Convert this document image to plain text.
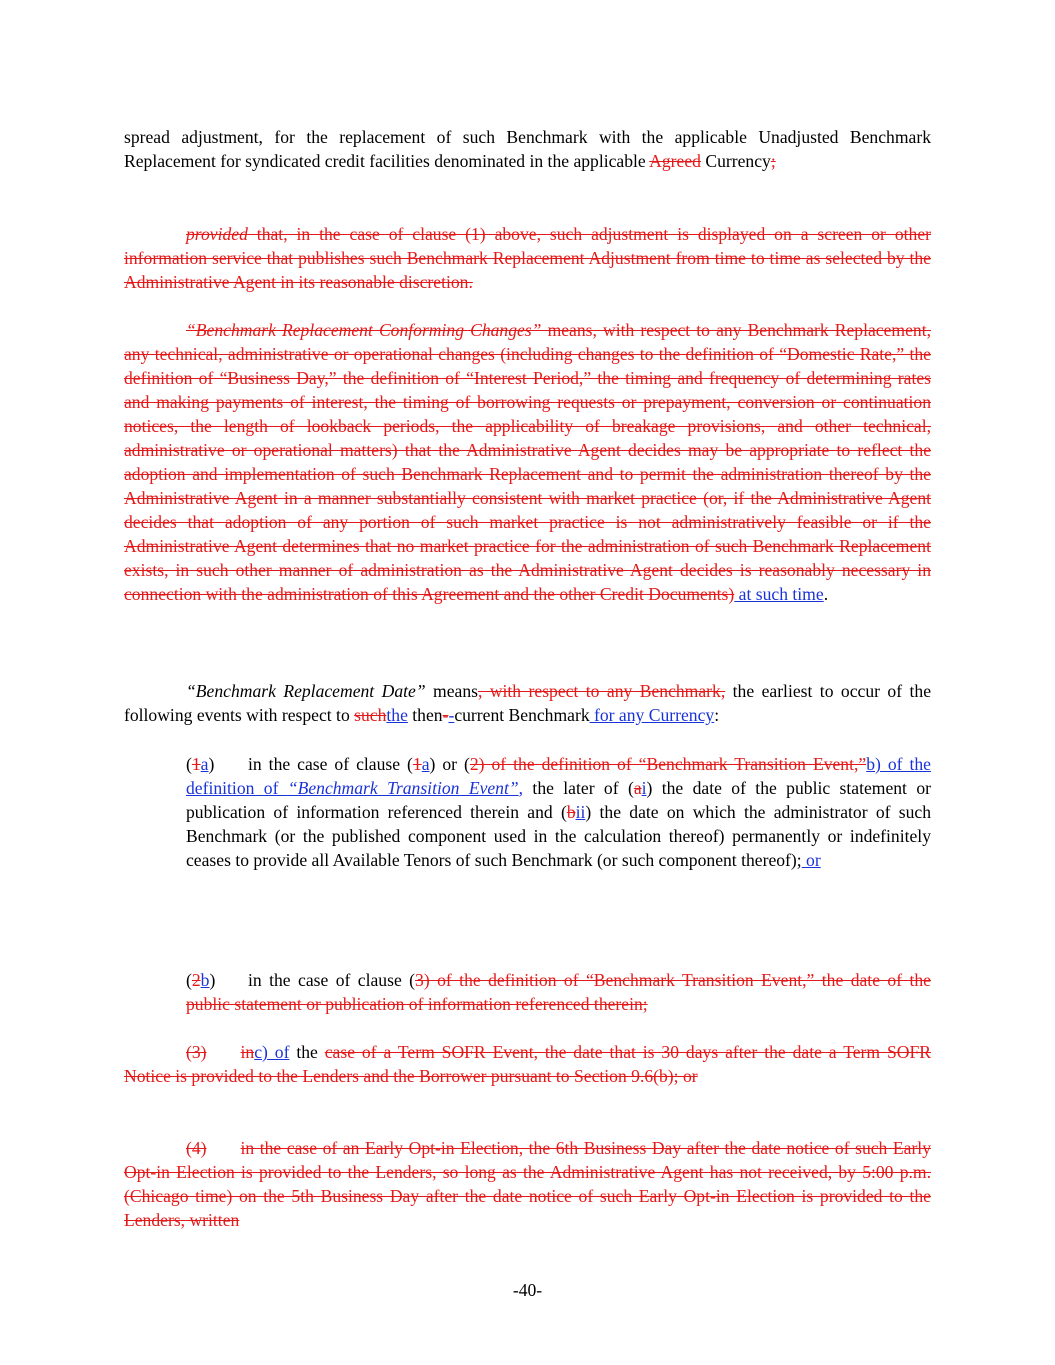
spread adjustment, for the replacement of such Benchmark with the applicable Unadjusted Benchmark Replacement for syndicated credit facilities denominated in the applicable Agreed Currency;

provided that, in the case of clause (1) above, such adjustment is displayed on a screen or other information service that publishes such Benchmark Replacement Adjustment from time to time as selected by the Administrative Agent in its reasonable discretion.

“Benchmark Replacement Conforming Changes” means, with respect to any Benchmark Replacement, any technical, administrative or operational changes (including changes to the definition of “Domestic Rate,” the definition of “Business Day,” the definition of “Interest Period,” the timing and frequency of determining rates and making payments of interest, the timing of borrowing requests or prepayment, conversion or continuation notices, the length of lookback periods, the applicability of breakage provisions, and other technical, administrative or operational matters) that the Administrative Agent decides may be appropriate to reflect the adoption and implementation of such Benchmark Replacement and to permit the administration thereof by the Administrative Agent in a manner substantially consistent with market practice (or, if the Administrative Agent decides that adoption of any portion of such market practice is not administratively feasible or if the Administrative Agent determines that no market practice for the administration of such Benchmark Replacement exists, in such other manner of administration as the Administrative Agent decides is reasonably necessary in connection with the administration of this Agreement and the other Credit Documents) at such time.

“Benchmark Replacement Date” means, with respect to any Benchmark, the earliest to occur of the following events with respect to suchthe then--current Benchmark for any Currency:

(1a) in the case of clause (1a) or (2) of the definition of “Benchmark Transition Event,”b) of the definition of “Benchmark Transition Event”, the later of (ai) the date of the public statement or publication of information referenced therein and (bii) the date on which the administrator of such Benchmark (or the published component used in the calculation thereof) permanently or indefinitely ceases to provide all Available Tenors of such Benchmark (or such component thereof); or

(2b) in the case of clause (3) of the definition of “Benchmark Transition Event,” the date of the public statement or publication of information referenced therein;

(3) inc) of the case of a Term SOFR Event, the date that is 30 days after the date a Term SOFR Notice is provided to the Lenders and the Borrower pursuant to Section 9.6(b); or

(4) in the case of an Early Opt-in Election, the 6th Business Day after the date notice of such Early Opt-in Election is provided to the Lenders, so long as the Administrative Agent has not received, by 5:00 p.m. (Chicago time) on the 5th Business Day after the date notice of such Early Opt-in Election is provided to the Lenders, written

-40-
